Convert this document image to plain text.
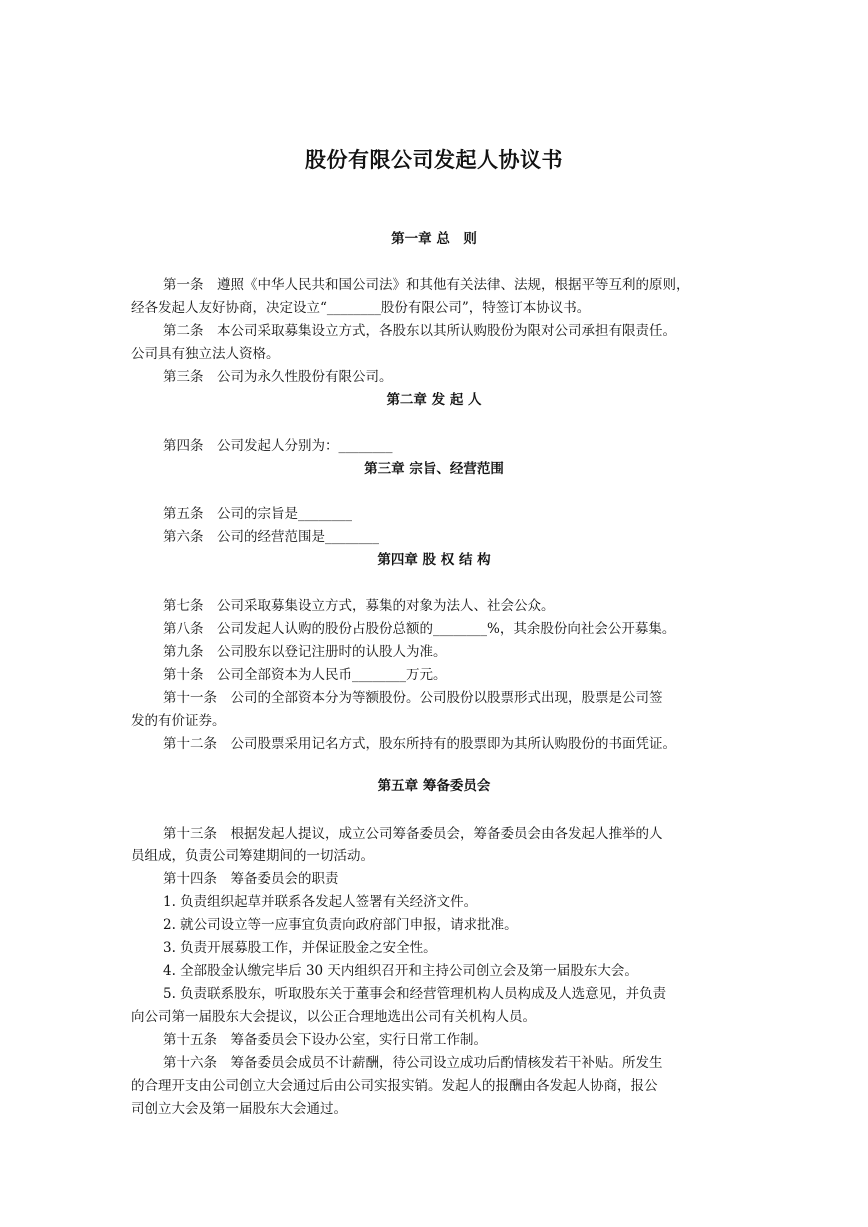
股份有限公司发起人协议书
第一章 总　则
第一条　遵照《中华人民共和国公司法》和其他有关法律、法规，根据平等互利的原则，
经各发起人友好协商，决定设立“________股份有限公司”，特签订本协议书。
第二条　本公司采取募集设立方式，各股东以其所认购股份为限对公司承担有限责任。
公司具有独立法人资格。
第三条　公司为永久性股份有限公司。
第二章 发 起 人
第四条　公司发起人分别为：________
第三章 宗旨、经营范围
第五条　公司的宗旨是________
第六条　公司的经营范围是________
第四章 股 权 结 构
第七条　公司采取募集设立方式，募集的对象为法人、社会公众。
第八条　公司发起人认购的股份占股份总额的________%，其余股份向社会公开募集。
第九条　公司股东以登记注册时的认股人为准。
第十条　公司全部资本为人民币________万元。
第十一条　公司的全部资本分为等额股份。公司股份以股票形式出现，股票是公司签
发的有价证券。
第十二条　公司股票采用记名方式，股东所持有的股票即为其所认购股份的书面凭证。
第五章 筹备委员会
第十三条　根据发起人提议，成立公司筹备委员会，筹备委员会由各发起人推举的人
员组成，负责公司筹建期间的一切活动。
第十四条　筹备委员会的职责
1. 负责组织起草并联系各发起人签署有关经济文件。
2. 就公司设立等一应事宜负责向政府部门申报，请求批准。
3. 负责开展募股工作，并保证股金之安全性。
4. 全部股金认缴完毕后 30 天内组织召开和主持公司创立会及第一届股东大会。
5. 负责联系股东，听取股东关于董事会和经营管理机构人员构成及人选意见，并负责
向公司第一届股东大会提议，以公正合理地选出公司有关机构人员。
第十五条　筹备委员会下设办公室，实行日常工作制。
第十六条　筹备委员会成员不计薪酬，待公司设立成功后酌情核发若干补贴。所发生
的合理开支由公司创立大会通过后由公司实报实销。发起人的报酬由各发起人协商，报公
司创立大会及第一届股东大会通过。
